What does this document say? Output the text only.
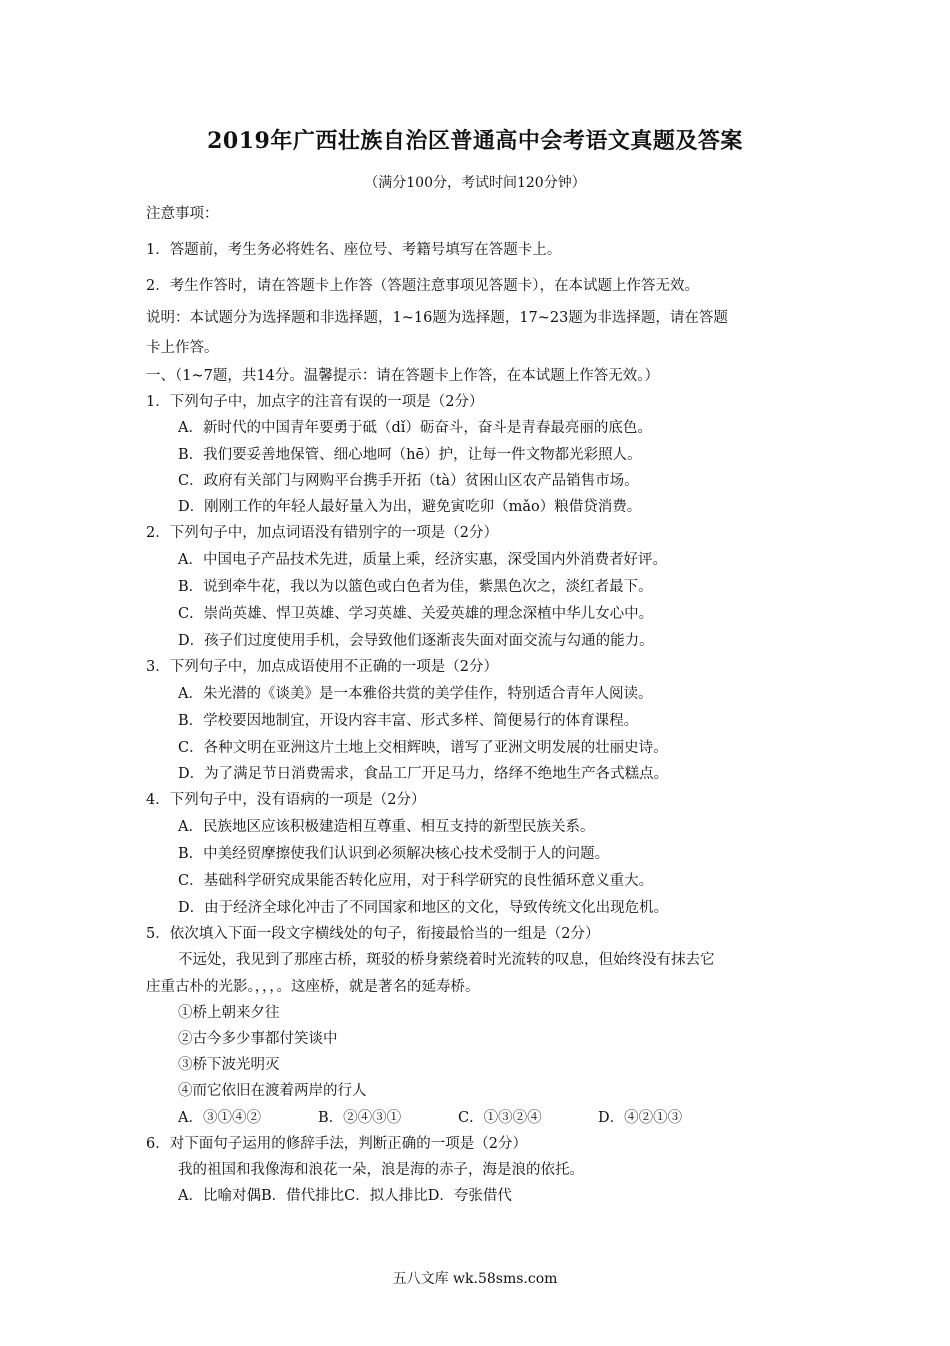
2019年广西壮族自治区普通高中会考语文真题及答案
（满分100分，考试时间120分钟）
注意事项：
1．答题前，考生务必将姓名、座位号、考籍号填写在答题卡上。
2．考生作答时，请在答题卡上作答（答题注意事项见答题卡），在本试题上作答无效。
说明：本试题分为选择题和非选择题，1~16题为选择题，17~23题为非选择题，请在答题
卡上作答。
一、（1~7题，共14分。温馨提示：请在答题卡上作答，在本试题上作答无效。）
1．下列句子中，加点字的注音有误的一项是（2分）
A．新时代的中国青年要勇于砥（dǐ）砺奋斗，奋斗是青春最亮丽的底色。
B．我们要妥善地保管、细心地呵（hē）护，让每一件文物都光彩照人。
C．政府有关部门与网购平台携手开拓（tà）贫困山区农产品销售市场。
D．刚刚工作的年轻人最好量入为出，避免寅吃卯（mǎo）粮借贷消费。
2．下列句子中，加点词语没有错别字的一项是（2分）
A．中国电子产品技术先进，质量上乘，经济实惠，深受国内外消费者好评。
B．说到牵牛花，我以为以篮色或白色者为佳，紫黑色次之，淡红者最下。
C．崇尚英雄、悍卫英雄、学习英雄、关爱英雄的理念深植中华儿女心中。
D．孩子们过度使用手机，会导致他们逐渐丧失面对面交流与勾通的能力。
3．下列句子中，加点成语使用不正确的一项是（2分）
A．朱光潜的《谈美》是一本雅俗共赏的美学佳作，特别适合青年人阅读。
B．学校要因地制宜，开设内容丰富、形式多样、简便易行的体育课程。
C．各种文明在亚洲这片土地上交相辉映，谱写了亚洲文明发展的壮丽史诗。
D．为了满足节日消费需求，食品工厂开足马力，络绎不绝地生产各式糕点。
4．下列句子中，没有语病的一项是（2分）
A．民族地区应该积极建造相互尊重、相互支持的新型民族关系。
B．中美经贸摩擦使我们认识到必须解决核心技术受制于人的问题。
C．基础科学研究成果能否转化应用，对于科学研究的良性循环意义重大。
D．由于经济全球化冲击了不同国家和地区的文化，导致传统文化出现危机。
5．依次填入下面一段文字横线处的句子，衔接最恰当的一组是（2分）
不远处，我见到了那座古桥，斑驳的桥身萦绕着时光流转的叹息，但始终没有抹去它
庄重古朴的光影。，，，。这座桥，就是著名的延寿桥。
①桥上朝来夕往
②古今多少事都付笑谈中
③桥下波光明灭
④而它依旧在渡着两岸的行人
A．③①④②	B．②④③①	C．①③②④	D．④②①③
6．对下面句子运用的修辞手法，判断正确的一项是（2分）
我的祖国和我像海和浪花一朵，浪是海的赤子，海是浪的依托。
A．比喻对偶B．借代排比C．拟人排比D．夸张借代
五八文库 wk.58sms.com
